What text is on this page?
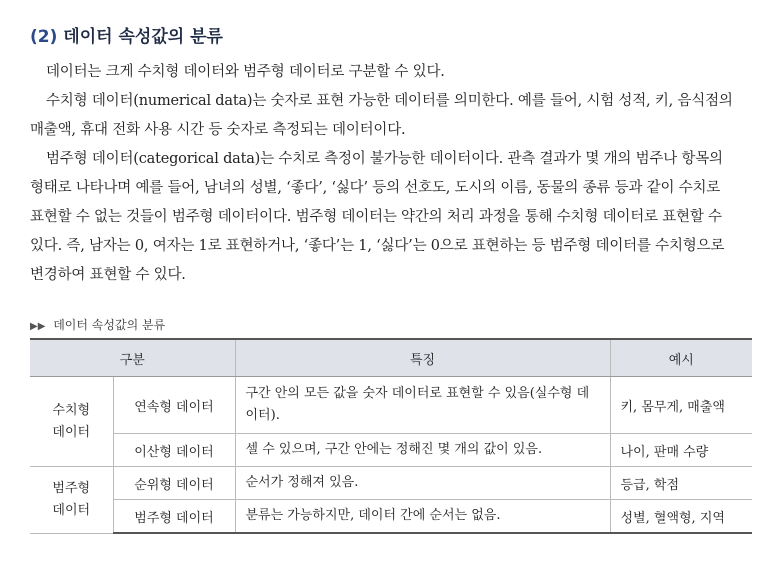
(2) 데이터 속성값의 분류

데이터는 크게 수치형 데이터와 범주형 데이터로 구분할 수 있다.

수치형 데이터(numerical data)는 숫자로 표현 가능한 데이터를 의미한다. 예를 들어, 시험 성적, 키, 음식점의 매출액, 휴대 전화 사용 시간 등 숫자로 측정되는 데이터이다.

범주형 데이터(categorical data)는 수치로 측정이 불가능한 데이터이다. 관측 결과가 몇 개의 범주나 항목의 형태로 나타나며 예를 들어, 남녀의 성별, ‘좋다’, ‘싫다’ 등의 선호도, 도시의 이름, 동물의 종류 등과 같이 수치로 표현할 수 없는 것들이 범주형 데이터이다. 범주형 데이터는 약간의 처리 과정을 통해 수치형 데이터로 표현할 수 있다. 즉, 남자는 0, 여자는 1로 표현하거나, ‘좋다’는 1, ‘싫다’는 0으로 표현하는 등 범주형 데이터를 수치형으로 변경하여 표현할 수 있다.

▶▶ 데이터 속성값의 분류
구분		특징	예시
수치형
데이터	연속형 데이터	구간 안의 모든 값을 숫자 데이터로 표현할 수 있음(실수형 데이터).	키, 몸무게, 매출액
	이산형 데이터	셀 수 있으며, 구간 안에는 정해진 몇 개의 값이 있음.	나이, 판매 수량
범주형
데이터	순위형 데이터	순서가 정해져 있음.	등급, 학점
	범주형 데이터	분류는 가능하지만, 데이터 간에 순서는 없음.	성별, 혈액형, 지역
